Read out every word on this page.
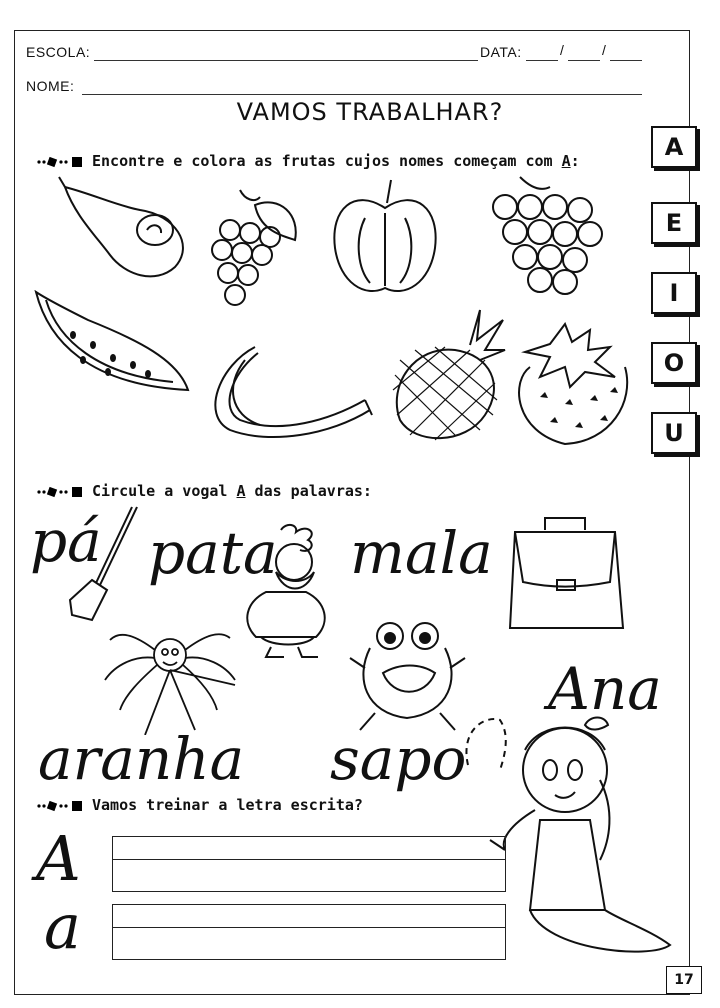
ESCOLA:	DATA:	/	/
NOME:
VAMOS TRABALHAR?
A
E
I
O
U
Encontre e colora as frutas cujos nomes começam com A:
Circule a vogal A das palavras:
pá pata mala
Ana
aranha sapo
Vamos treinar a letra escrita?
A
a
17
